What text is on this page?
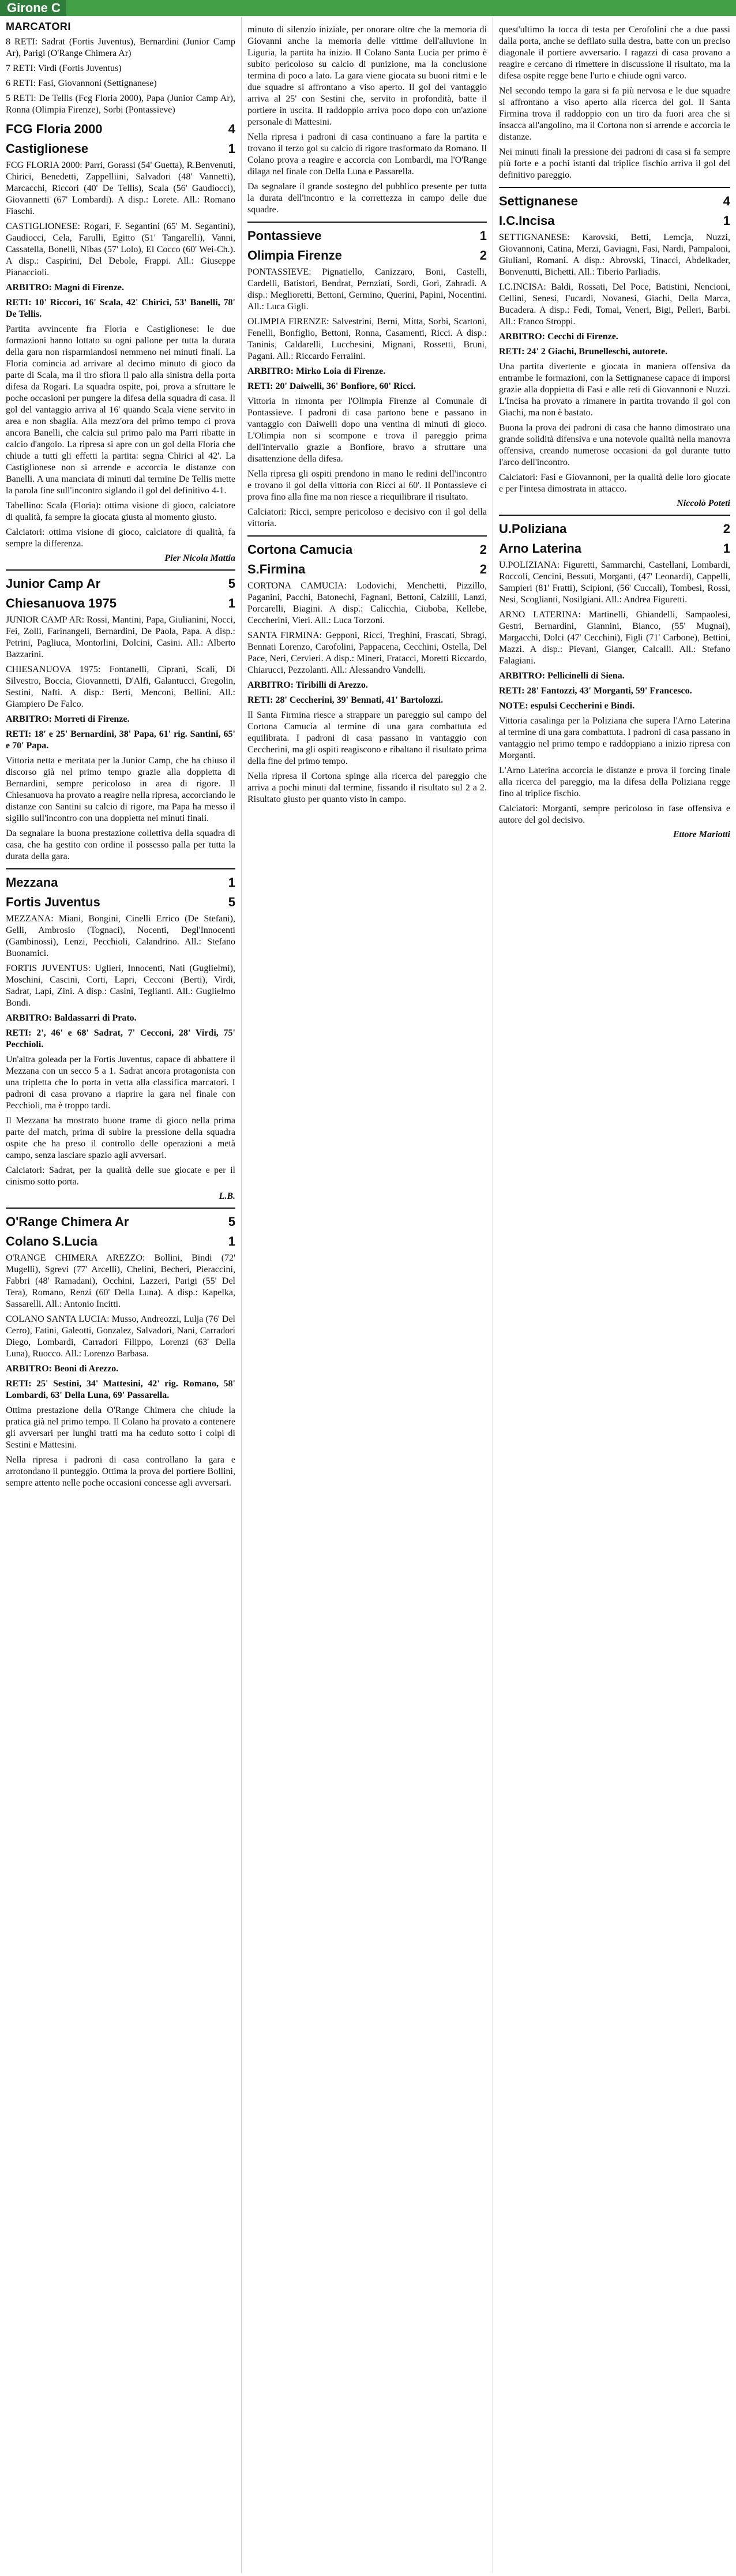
Girone C
MARCATORI
8 RETI: Sadrat (Fortis Juventus), Bernardini (Junior Camp Ar), Parigi (O'Range Chimera Ar)
7 RETI: Virdi (Fortis Juventus)
6 RETI: Fasi, Giovannoni (Settignanese)
5 RETI: De Tellis (Fcg Floria 2000), Papa (Junior Camp Ar), Ronna (Olimpia Firenze), Sorbi (Pontassieve)
FCG Floria 2000	4
Castiglionese	1
FCG FLORIA 2000: Parri, Gorassi (54' Guetta), R.Benvenuti, Chirici, Benedetti, Zappelliini, Salvadori (48' Vannetti), Marcacchi, Riccori (40' De Tellis), Scala (56' Gaudiocci), Giovannetti (67' Lombardi). A disp.: Lorete. All.: Romano Fiaschi.
CASTIGLIONESE: Rogari, F. Segantini (65' M. Segantini), Gaudiocci, Cela, Farulli, Egitto (51' Tangarelli), Vanni, Cassatella, Bonelli, Nibas (57' Lolo), El Cocco (60' Wei-Ch.). A disp.: Caspirini, Del Debole, Frappi. All.: Giuseppe Pianaccioli.
ARBITRO: Magni di Firenze.
RETI: 10' Riccori, 16' Scala, 42' Chirici, 53' Banelli, 78' De Tellis.
Partita avvincente fra Floria e Castiglionese: le due formazioni hanno lottato su ogni pallone per tutta la durata della gara non risparmiandosi nemmeno nei minuti finali. La Floria comincia ad arrivare al decimo minuto di gioco da parte di Scala, ma il tiro sfiora il palo alla sinistra della porta difesa da Rogari. La squadra ospite, poi, prova a sfruttare le poche occasioni per pungere la difesa della squadra di casa. Il gol del vantaggio arriva al 16' quando Scala viene servito in area e non sbaglia. Alla mezz'ora del primo tempo ci prova ancora Banelli, che calcia sul primo palo ma Parri ribatte in calcio d'angolo. La ripresa si apre con un gol della Floria che chiude a tutti gli effetti la partita: segna Chirici al 42'. La Castiglionese non si arrende e accorcia le distanze con Banelli. A una manciata di minuti dal termine De Tellis mette la parola fine sull'incontro siglando il gol del definitivo 4-1.
Tabellino: Scala (Floria): ottima visione di gioco, calciatore di qualità, fa sempre la giocata giusta al momento giusto.
Calciatori: ottima visione di gioco, calciatore di qualità, fa sempre la differenza.
Pier Nicola Mattia
Junior Camp Ar	5
Chiesanuova 1975	1
JUNIOR CAMP AR: Rossi, Mantini, Papa, Giulianini, Nocci, Fei, Zolli, Farinangeli, Bernardini, De Paola, Papa. A disp.: Petrini, Pagliuca, Montorlini, Dolcini, Casini. All.: Alberto Bazzarini.
CHIESANUOVA 1975: Fontanelli, Ciprani, Scali, Di Silvestro, Boccia, Giovannetti, D'Alfi, Galantucci, Gregolin, Sestini, Nafti. A disp.: Berti, Menconi, Bellini. All.: Giampiero De Falco.
ARBITRO: Morreti di Firenze.
RETI: 18' e 25' Bernardini, 38' Papa, 61' rig. Santini, 65' e 70' Papa.
Vittoria netta e meritata per la Junior Camp, che ha chiuso il discorso già nel primo tempo grazie alla doppietta di Bernardini, sempre pericoloso in area di rigore. Il Chiesanuova ha provato a reagire nella ripresa, accorciando le distanze con Santini su calcio di rigore, ma Papa ha messo il sigillo sull'incontro con una doppietta nei minuti finali.
Da segnalare la buona prestazione collettiva della squadra di casa, che ha gestito con ordine il possesso palla per tutta la durata della gara.
Mezzana	1
Fortis Juventus	5
MEZZANA: Miani, Bongini, Cinelli Errico (De Stefani), Gelli, Ambrosio (Tognaci), Nocenti, Degl'Innocenti (Gambinossi), Lenzi, Pecchioli, Calandrino. All.: Stefano Buonamici.
FORTIS JUVENTUS: Uglieri, Innocenti, Nati (Guglielmi), Moschini, Cascini, Corti, Lapri, Cecconi (Berti), Virdi, Sadrat, Lapi, Zini. A disp.: Casini, Teglianti. All.: Guglielmo Bondi.
ARBITRO: Baldassarri di Prato.
RETI: 2', 46' e 68' Sadrat, 7' Cecconi, 28' Virdi, 75' Pecchioli.
Un'altra goleada per la Fortis Juventus, capace di abbattere il Mezzana con un secco 5 a 1. Sadrat ancora protagonista con una tripletta che lo porta in vetta alla classifica marcatori. I padroni di casa provano a riaprire la gara nel finale con Pecchioli, ma è troppo tardi.
Il Mezzana ha mostrato buone trame di gioco nella prima parte del match, prima di subire la pressione della squadra ospite che ha preso il controllo delle operazioni a metà campo, senza lasciare spazio agli avversari.
Calciatori: Sadrat, per la qualità delle sue giocate e per il cinismo sotto porta.
L.B.
O'Range Chimera Ar	5
Colano S.Lucia	1
O'RANGE CHIMERA AREZZO: Bollini, Bindi (72' Mugelli), Sgrevi (77' Arcelli), Chelini, Becheri, Pieraccini, Fabbri (48' Ramadani), Occhini, Lazzeri, Parigi (55' Del Tera), Romano, Renzi (60' Della Luna). A disp.: Kapelka, Sassarelli. All.: Antonio Incitti.
COLANO SANTA LUCIA: Musso, Andreozzi, Lulja (76' Del Cerro), Fatini, Galeotti, Gonzalez, Salvadori, Nani, Carradori Diego, Lombardi, Carradori Filippo, Lorenzi (63' Della Luna), Ruocco. All.: Lorenzo Barbasa.
ARBITRO: Beoni di Arezzo.
RETI: 25' Sestini, 34' Mattesini, 42' rig. Romano, 58' Lombardi, 63' Della Luna, 69' Passarella.
Ottima prestazione della O'Range Chimera che chiude la pratica già nel primo tempo. Il Colano ha provato a contenere gli avversari per lunghi tratti ma ha ceduto sotto i colpi di Sestini e Mattesini.
Nella ripresa i padroni di casa controllano la gara e arrotondano il punteggio. Ottima la prova del portiere Bollini, sempre attento nelle poche occasioni concesse agli avversari.
minuto di silenzio iniziale, per onorare oltre che la memoria di Giovanni anche la memoria delle vittime dell'alluvione in Liguria, la partita ha inizio. Il Colano Santa Lucia per primo è subito pericoloso su calcio di punizione, ma la conclusione termina di poco a lato. La gara viene giocata su buoni ritmi e le due squadre si affrontano a viso aperto. Il gol del vantaggio arriva al 25' con Sestini che, servito in profondità, batte il portiere in uscita. Il raddoppio arriva poco dopo con un'azione personale di Mattesini.
Nella ripresa i padroni di casa continuano a fare la partita e trovano il terzo gol su calcio di rigore trasformato da Romano. Il Colano prova a reagire e accorcia con Lombardi, ma l'O'Range dilaga nel finale con Della Luna e Passarella.
Da segnalare il grande sostegno del pubblico presente per tutta la durata dell'incontro e la correttezza in campo delle due squadre.
Pontassieve	1
Olimpia Firenze	2
PONTASSIEVE: Pignatiello, Canizzaro, Boni, Castelli, Cardelli, Batistori, Bendrat, Pernziati, Sordi, Gori, Zahradi. A disp.: Meglioretti, Bettoni, Germino, Querini, Papini, Nocentini. All.: Luca Gigli.
OLIMPIA FIRENZE: Salvestrini, Berni, Mitta, Sorbi, Scartoni, Fenelli, Bonfiglio, Bettoni, Ronna, Casamenti, Ricci. A disp.: Taninis, Caldarelli, Lucchesini, Mignani, Rossetti, Bruni, Pagani. All.: Riccardo Ferraiini.
ARBITRO: Mirko Loia di Firenze.
RETI: 20' Daiwelli, 36' Bonfiore, 60' Ricci.
Vittoria in rimonta per l'Olimpia Firenze al Comunale di Pontassieve. I padroni di casa partono bene e passano in vantaggio con Daiwelli dopo una ventina di minuti di gioco. L'Olimpia non si scompone e trova il pareggio prima dell'intervallo grazie a Bonfiore, bravo a sfruttare una disattenzione della difesa.
Nella ripresa gli ospiti prendono in mano le redini dell'incontro e trovano il gol della vittoria con Ricci al 60'. Il Pontassieve ci prova fino alla fine ma non riesce a riequilibrare il risultato.
Calciatori: Ricci, sempre pericoloso e decisivo con il gol della vittoria.
Cortona Camucia	2
S.Firmina	2
CORTONA CAMUCIA: Lodovichi, Menchetti, Pizzillo, Paganini, Pacchi, Batonechi, Fagnani, Bettoni, Calzilli, Lanzi, Porcarelli, Biagini. A disp.: Calicchia, Ciuboba, Kellebe, Ceccherini, Vieri. All.: Luca Torzoni.
SANTA FIRMINA: Gepponi, Ricci, Treghini, Frascati, Sbragi, Bennati Lorenzo, Carofolini, Pappacena, Cecchini, Ostella, Del Pace, Neri, Cervieri. A disp.: Mineri, Fratacci, Moretti Riccardo, Chiarucci, Pezzolanti. All.: Alessandro Vandelli.
ARBITRO: Tiribilli di Arezzo.
RETI: 28' Ceccherini, 39' Bennati, 41' Bartolozzi.
Il Santa Firmina riesce a strappare un pareggio sul campo del Cortona Camucia al termine di una gara combattuta ed equilibrata. I padroni di casa passano in vantaggio con Ceccherini, ma gli ospiti reagiscono e ribaltano il risultato prima della fine del primo tempo.
Nella ripresa il Cortona spinge alla ricerca del pareggio che arriva a pochi minuti dal termine, fissando il risultato sul 2 a 2. Risultato giusto per quanto visto in campo.
quest'ultimo la tocca di testa per Cerofolini che a due passi dalla porta, anche se defilato sulla destra, batte con un preciso diagonale il portiere avversario. I ragazzi di casa provano a reagire e cercano di rimettere in discussione il risultato, ma la difesa ospite regge bene l'urto e chiude ogni varco.
Nel secondo tempo la gara si fa più nervosa e le due squadre si affrontano a viso aperto alla ricerca del gol. Il Santa Firmina trova il raddoppio con un tiro da fuori area che si insacca all'angolino, ma il Cortona non si arrende e accorcia le distanze.
Nei minuti finali la pressione dei padroni di casa si fa sempre più forte e a pochi istanti dal triplice fischio arriva il gol del definitivo pareggio.
Settignanese	4
I.C.Incisa	1
SETTIGNANESE: Karovski, Betti, Lemcja, Nuzzi, Giovannoni, Catina, Merzi, Gaviagni, Fasi, Nardi, Pampaloni, Giuliani, Romani. A disp.: Abrovski, Tinacci, Abdelkader, Bonvenutti, Bichetti. All.: Tiberio Parliadis.
I.C.INCISA: Baldi, Rossati, Del Poce, Batistini, Nencioni, Cellini, Senesi, Fucardi, Novanesi, Giachi, Della Marca, Bucadera. A disp.: Fedi, Tomai, Veneri, Bigi, Pelleri, Barbi. All.: Franco Stroppi.
ARBITRO: Cecchi di Firenze.
RETI: 24' 2 Giachi, Brunelleschi, autorete.
Una partita divertente e giocata in maniera offensiva da entrambe le formazioni, con la Settignanese capace di imporsi grazie alla doppietta di Fasi e alle reti di Giovannoni e Nuzzi. L'Incisa ha provato a rimanere in partita trovando il gol con Giachi, ma non è bastato.
Buona la prova dei padroni di casa che hanno dimostrato una grande solidità difensiva e una notevole qualità nella manovra offensiva, creando numerose occasioni da gol durante tutto l'arco dell'incontro.
Calciatori: Fasi e Giovannoni, per la qualità delle loro giocate e per l'intesa dimostrata in attacco.
Niccolò Poteti
U.Poliziana	2
Arno Laterina	1
U.POLIZIANA: Figuretti, Sammarchi, Castellani, Lombardi, Roccoli, Cencini, Bessuti, Morganti, (47' Leonardi), Cappelli, Sampieri (81' Fratti), Scipioni, (56' Cuccali), Tombesi, Rossi, Nesi, Scoglianti, Nosilgiani. All.: Andrea Figuretti.
ARNO LATERINA: Martinelli, Ghiandelli, Sampaolesi, Gestri, Bernardini, Giannini, Bianco, (55' Mugnai), Margacchi, Dolci (47' Cecchini), Figli (71' Carbone), Bettini, Mazzi. A disp.: Pievani, Gianger, Calcalli. All.: Stefano Falagiani.
ARBITRO: Pellicinelli di Siena.
RETI: 28' Fantozzi, 43' Morganti, 59' Francesco.
NOTE: espulsi Ceccherini e Bindi.
Vittoria casalinga per la Poliziana che supera l'Arno Laterina al termine di una gara combattuta. I padroni di casa passano in vantaggio nel primo tempo e raddoppiano a inizio ripresa con Morganti.
L'Arno Laterina accorcia le distanze e prova il forcing finale alla ricerca del pareggio, ma la difesa della Poliziana regge fino al triplice fischio.
Calciatori: Morganti, sempre pericoloso in fase offensiva e autore del gol decisivo.
Ettore Mariotti
